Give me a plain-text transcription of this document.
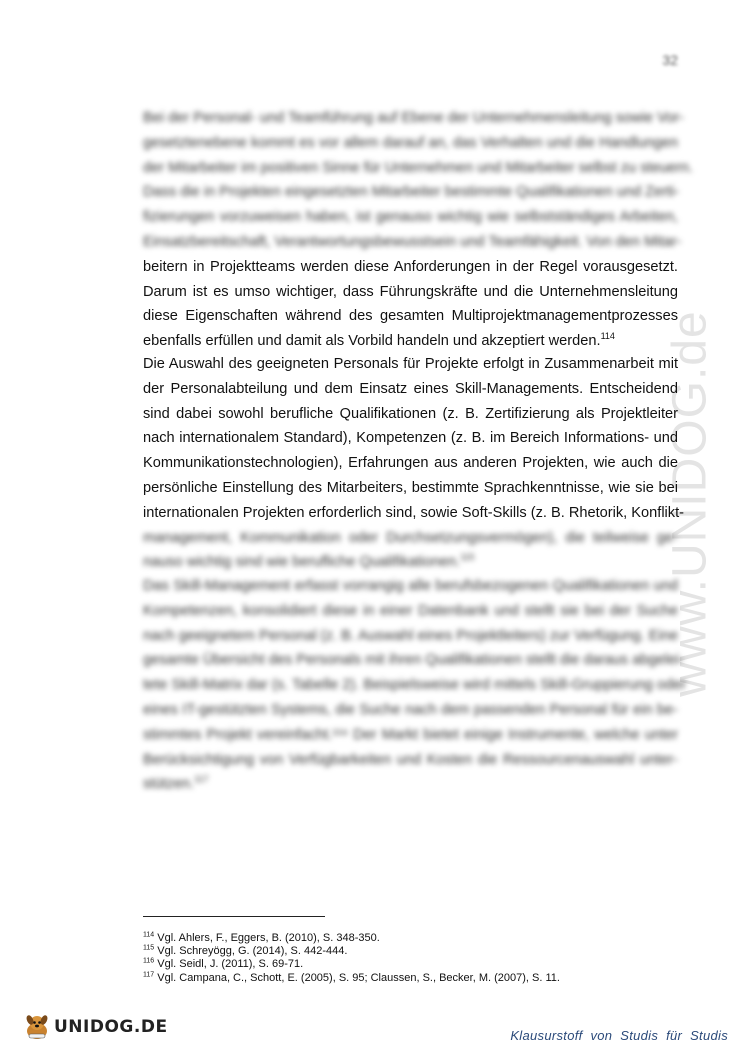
32
www.UNIDOG.de

Bei der Personal- und Teamführung auf Ebene der Unternehmensleitung sowie Vor-
gesetztenebene kommt es vor allem darauf an, das Verhalten und die Handlungen
der Mitarbeiter im positiven Sinne für Unternehmen und Mitarbeiter selbst zu steuern.
Dass die in Projekten eingesetzten Mitarbeiter bestimmte Qualifikationen und Zerti-
fizierungen vorzuweisen haben, ist genauso wichtig wie selbstständiges Arbeiten,
Einsatzbereitschaft, Verantwortungsbewusstsein und Teamfähigkeit. Von den Mitar-
beitern in Projektteams werden diese Anforderungen in der Regel vorausgesetzt.
Darum ist es umso wichtiger, dass Führungskräfte und die Unternehmensleitung
diese Eigenschaften während des gesamten Multiprojektmanagementprozesses
ebenfalls erfüllen und damit als Vorbild handeln und akzeptiert werden.$^{114}$

Die Auswahl des geeigneten Personals für Projekte erfolgt in Zusammenarbeit mit
der Personalabteilung und dem Einsatz eines Skill-Managements. Entscheidend
sind dabei sowohl berufliche Qualifikationen (z. B. Zertifizierung als Projektleiter
nach internationalem Standard), Kompetenzen (z. B. im Bereich Informations- und
Kommunikationstechnologien), Erfahrungen aus anderen Projekten, wie auch die
persönliche Einstellung des Mitarbeiters, bestimmte Sprachkenntnisse, wie sie bei
internationalen Projekten erforderlich sind, sowie Soft-Skills (z. B. Rhetorik, Konflikt-
management, Kommunikation oder Durchsetzungsvermögen), die teilweise ge-
nauso wichtig sind wie berufliche Qualifikationen.$^{115}$

Das Skill-Management erfasst vorrangig alle berufsbezogenen Qualifikationen und
Kompetenzen, konsolidiert diese in einer Datenbank und stellt sie bei der Suche
nach geeignetem Personal (z. B. Auswahl eines Projektleiters) zur Verfügung. Eine
gesamte Übersicht des Personals mit ihren Qualifikationen stellt die daraus abgelei-
tete Skill-Matrix dar (s. Tabelle 2). Beispielsweise wird mittels Skill-Gruppierung oder
eines IT-gestützten Systems, die Suche nach dem passenden Personal für ein be-
stimmtes Projekt vereinfacht.¹¹⁶ Der Markt bietet einige Instrumente, welche unter
Berücksichtigung von Verfügbarkeiten und Kosten die Ressourcenauswahl unter-
stützen.$^{117}$

$^{114}$ Vgl. Ahlers, F., Eggers, B. (2010), S. 348-350.
$^{115}$ Vgl. Schreyögg, G. (2014), S. 442-444.
$^{116}$ Vgl. Seidl, J. (2011), S. 69-71.
$^{117}$ Vgl. Campana, C., Schott, E. (2005), S. 95; Claussen, S., Becker, M. (2007), S. 11.
UNIDOG.DE	Klausurstoff von Studis für Studis
